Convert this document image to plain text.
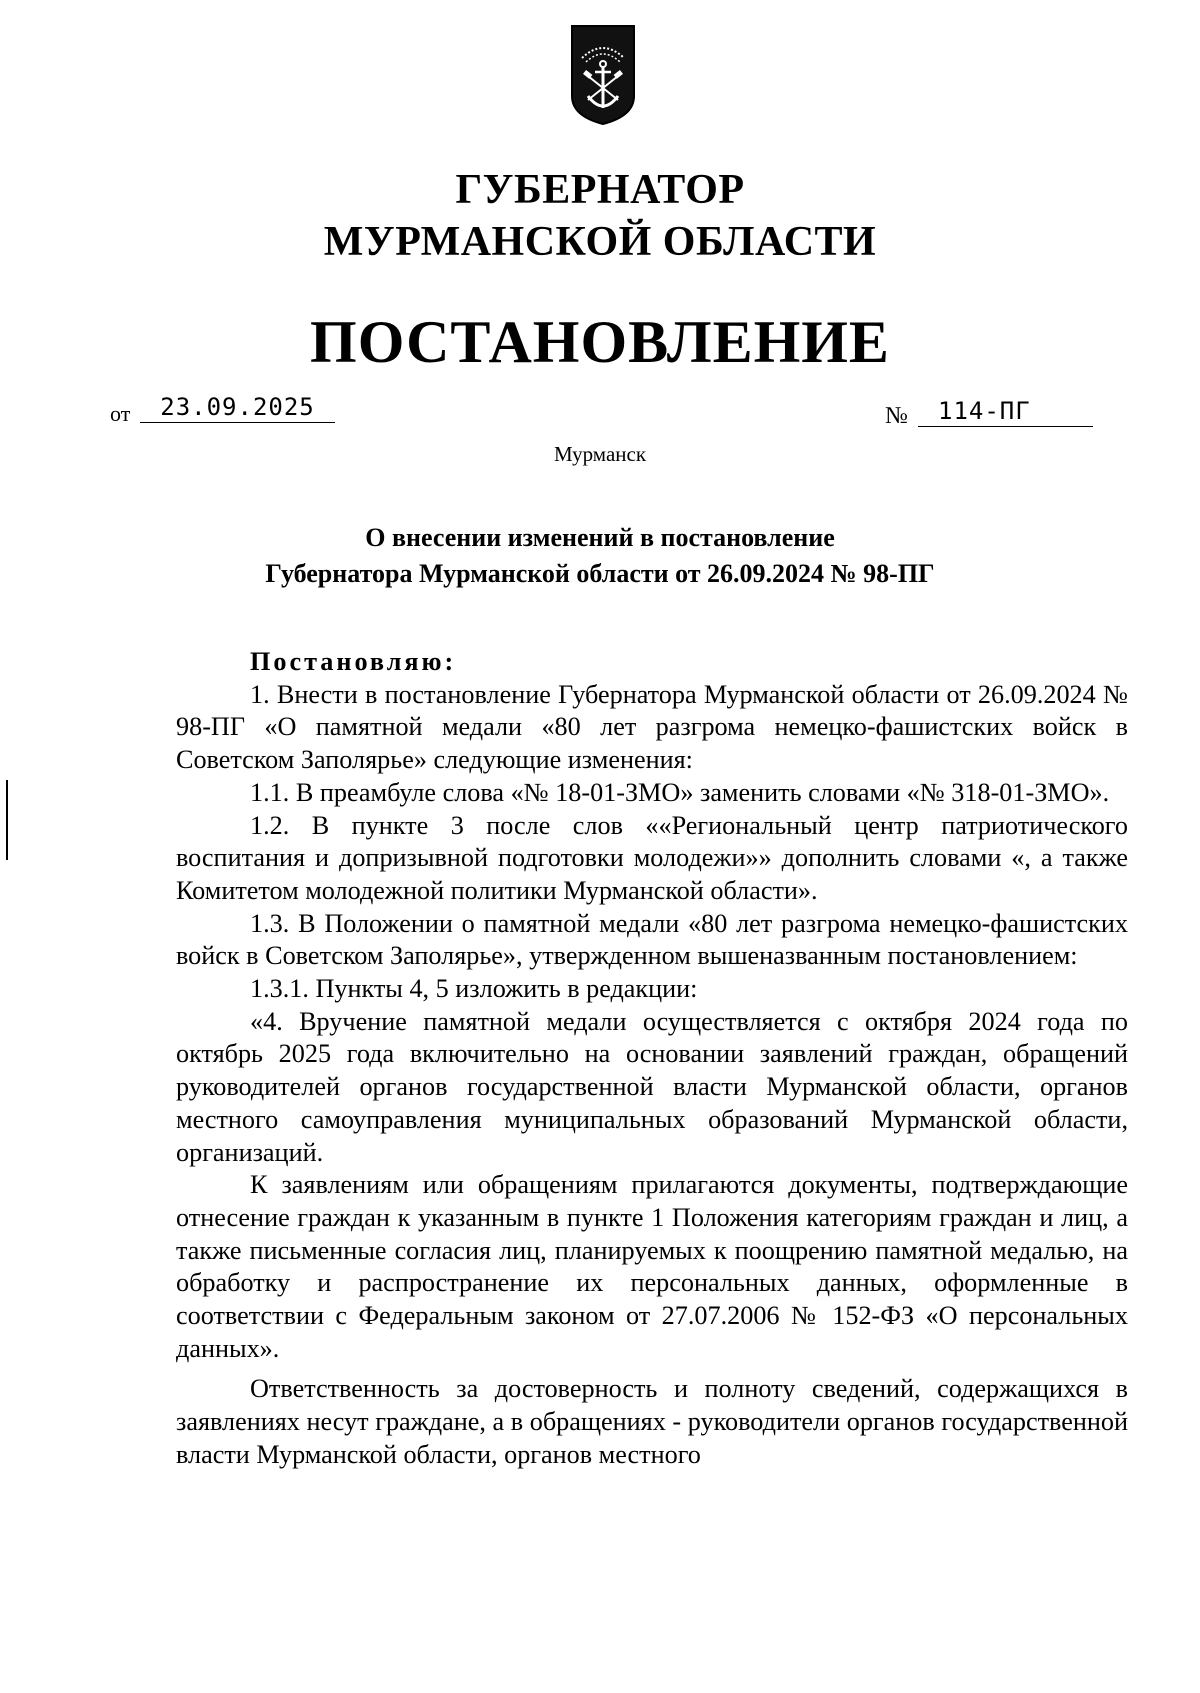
ГУБЕРНАТОР
МУРМАНСКОЙ ОБЛАСТИ
ПОСТАНОВЛЕНИЕ
от	23.09.2025	№	114-ПГ
Мурманск
О внесении изменений в постановление
Губернатора Мурманской области от 26.09.2024 № 98-ПГ
Постановляю:

1. Внести в постановление Губернатора Мурманской области от 26.09.2024 № 98-ПГ «О памятной медали «80 лет разгрома немецко-фашистских войск в Советском Заполярье» следующие изменения:

1.1. В преамбуле слова «№ 18-01-ЗМО» заменить словами «№ 318-01-ЗМО».

1.2. В пункте 3 после слов ««Региональный центр патриотического воспитания и допризывной подготовки молодежи»» дополнить словами «, а также Комитетом молодежной политики Мурманской области».

1.3. В Положении о памятной медали «80 лет разгрома немецко-фашистских войск в Советском Заполярье», утвержденном вышеназванным постановлением:

1.3.1. Пункты 4, 5 изложить в редакции:

«4. Вручение памятной медали осуществляется с октября 2024 года по октябрь 2025 года включительно на основании заявлений граждан, обращений руководителей органов государственной власти Мурманской области, органов местного самоуправления муниципальных образований Мурманской области, организаций.

К заявлениям или обращениям прилагаются документы, подтверждающие отнесение граждан к указанным в пункте 1 Положения категориям граждан и лиц, а также письменные согласия лиц, планируемых к поощрению памятной медалью, на обработку и распространение их персональных данных, оформленные в соответствии с Федеральным законом от 27.07.2006 № 152-ФЗ «О персональных данных».

Ответственность за достоверность и полноту сведений, содержащихся в заявлениях несут граждане, а в обращениях - руководители органов государственной власти Мурманской области, органов местного
